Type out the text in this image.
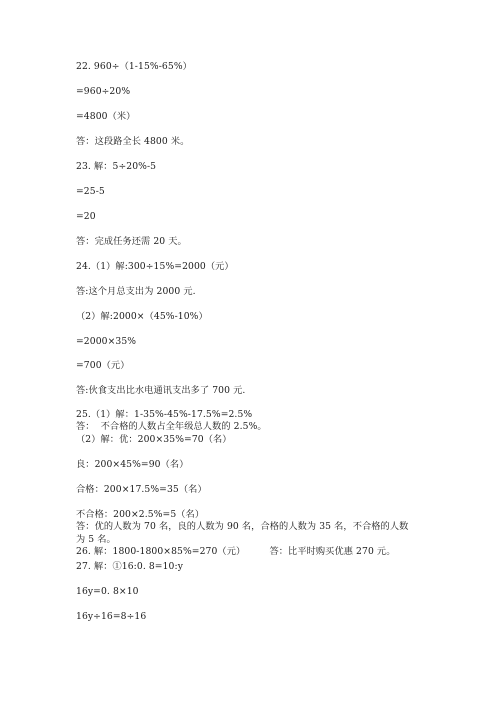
22. 960÷（1-15%-65%）
=960÷20%
=4800（米）
答：这段路全长 4800 米。
23. 解：5÷20%-5
=25-5
=20
答：完成任务还需 20 天。
24.（1）解:300÷15%=2000（元）
答:这个月总支出为 2000 元.
（2）解:2000×（45%-10%）
=2000×35%
=700（元）
答:伙食支出比水电通讯支出多了 700 元.
25.（1）解：1-35%-45%-17.5%=2.5%
答：  不合格的人数占全年级总人数的 2.5%。
（2）解：优：200×35%=70（名）
良：200×45%=90（名）
合格：200×17.5%=35（名）
不合格：200×2.5%=5（名）
答：优的人数为 70 名，良的人数为 90 名，合格的人数为 35 名，不合格的人数
为 5 名。
26. 解：1800-1800×85%=270（元）        答：比平时购买优惠 270 元。
27. 解：①16:0. 8=10:y
16y=0. 8×10
16y÷16=8÷16
